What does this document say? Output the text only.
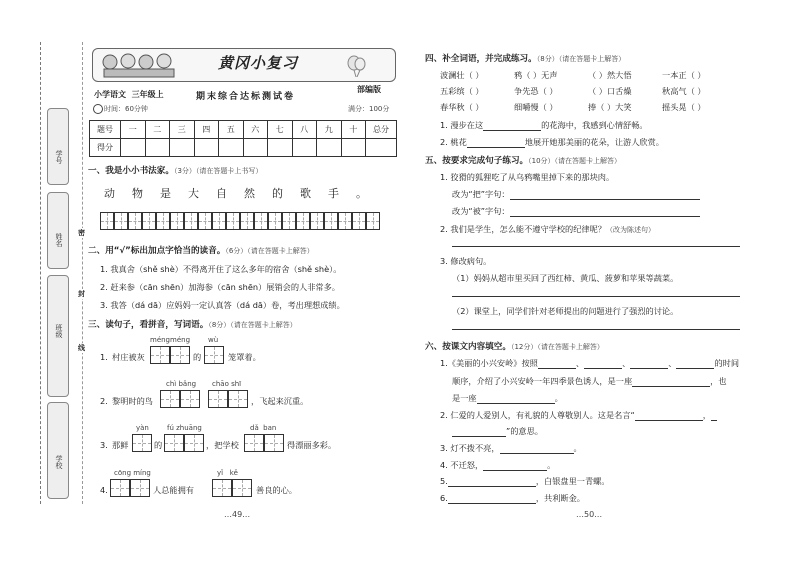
学号
姓名
班级
学校
密
封
线
黄冈小复习
部编版
小学语文  三年级上	期末综合达标测试卷
时间：60分钟	满分：100分
题号	一	二	三	四	五	六	七	八	九	十	总分
得分											
一、我是小小书法家。（3分）（请在答题卡上书写）
动 物 是 大 自 然 的 歌 手 。
二、用“√”标出加点字恰当的读音。（6分）（请在答题卡上解答）
1. 我真舍（shě shè）不得离开住了这么多年的宿舍（shě shè）。
2. 赶来参（cān shēn）加海参（cān shēn）展销会的人非常多。
3. 我答（dá dā）应妈妈一定认真答（dá dā）卷，考出理想成绩。
三、读句子，看拼音，写词语。（8分）（请在答题卡上解答）
1. 村庄被灰
méngméng
的
wù
笼罩着。
2. 黎明时的鸟
chì bǎng chāo shī
，飞起来沉重。
3. 那鲜
yàn
的
fú zhuāng
，把学校
dǎ  ban
得漂丽多彩。
4.
cōng míng
人总能拥有
yǐ   kě
善良的心。
…49…
四、补全词语，并完成练习。（8分）（请在答题卡上解答）
波澜壮（ ）	鸦（ ）无声	（ ）然大悟	一本正（ ）
五彩缤（ ）	争先恐（ ）	（ ）口舌燥	秋高气（ ）
春华秋（ ）	细嚼慢（ ）	捧（ ）大笑	摇头晃（ ）
1. 漫步在这	的花海中，我感到心情舒畅。
2. 桃花	地展开她那美丽的花朵，让游人欣赏。
五、按要求完成句子练习。（10分）（请在答题卡上解答）
1. 狡猾的狐狸吃了从乌鸦嘴里掉下来的那块肉。
改为“把”字句：
改为“被”字句：
2. 我们是学生，怎么能不遵守学校的纪律呢？（改为陈述句）
3. 修改病句。
（1）妈妈从超市里买回了西红柿、黄瓜、菠萝和苹果等蔬菜。
（2）课堂上，同学们针对老师提出的问题进行了强烈的讨论。
六、按课文内容填空。（12分）（请在答题卡上解答）
1.《美丽的小兴安岭》按照	、	、	、	的时间
顺序，介绍了小兴安岭一年四季景色诱人，是一座	，也
是一座	。
2. 仁爱的人爱别人，有礼貌的人尊敬别人。这是名言“	，
”的意思。
3. 灯不拨不亮，	。
4. 不迁怒，	。
5.	，白银盘里一青螺。
6.	，共利断金。
…50…
